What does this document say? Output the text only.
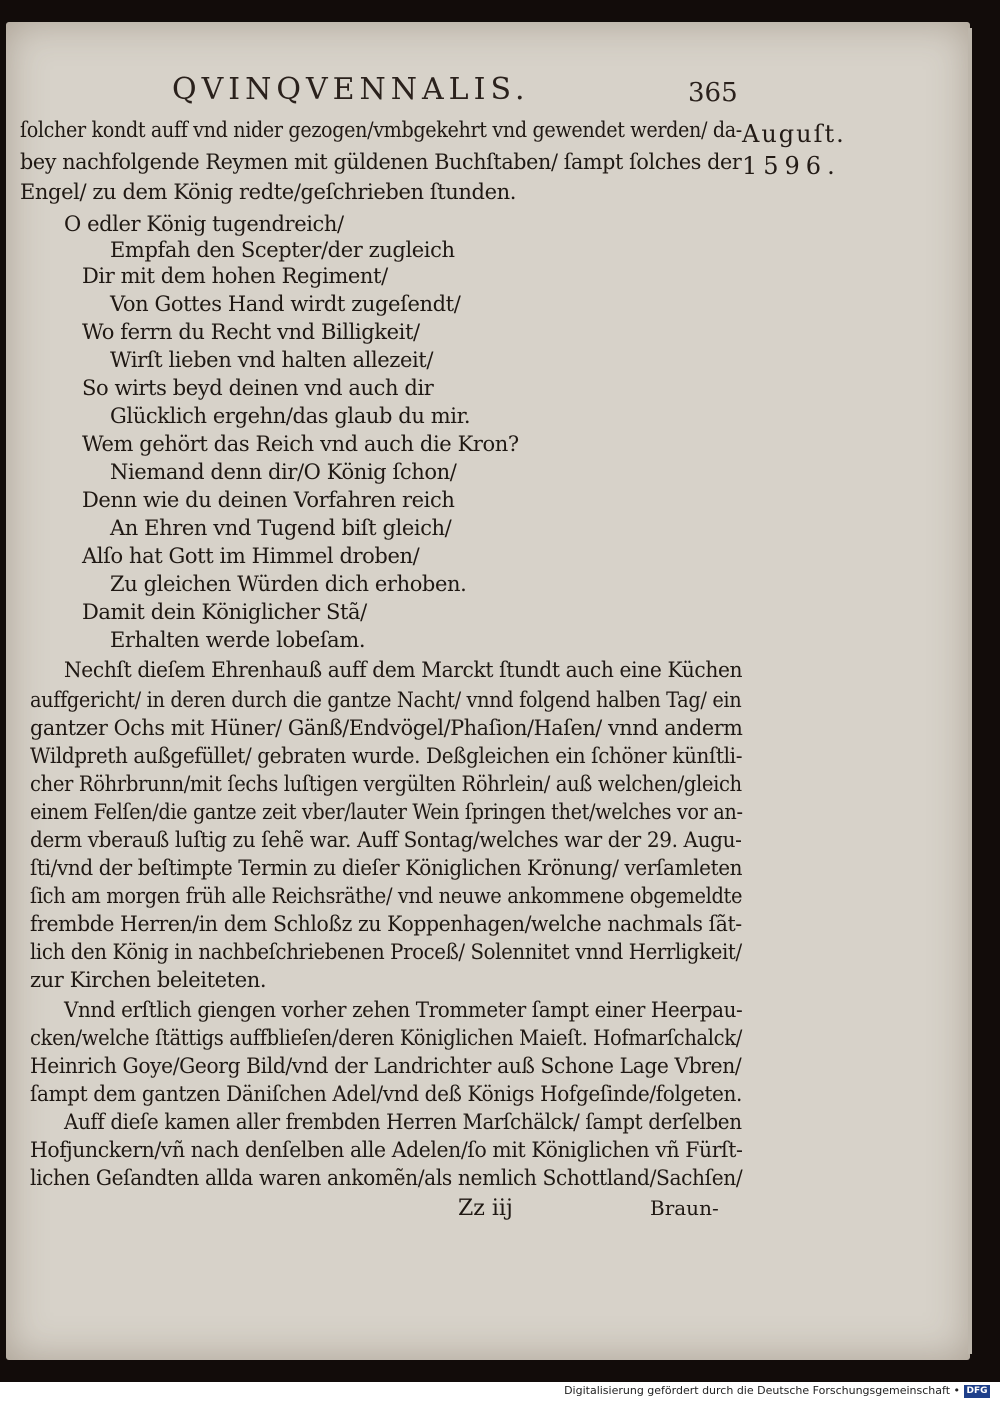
QVINQVENNALIS.	365
Auguſt.
1596.
ſolcher kondt auff vnd nider gezogen/vmbgekehrt vnd gewendet werden/ da-
bey nachfolgende Reymen mit güldenen Buchſtaben/ ſampt ſolches der
Engel/ zu dem König redte/geſchrieben ſtunden.
O edler König tugendreich/
Empfah den Scepter/der zugleich
Dir mit dem hohen Regiment/
Von Gottes Hand wirdt zugeſendt/
Wo ferrn du Recht vnd Billigkeit/
Wirſt lieben vnd halten allezeit/
So wirts beyd deinen vnd auch dir
Glücklich ergehn/das glaub du mir.
Wem gehört das Reich vnd auch die Kron?
Niemand denn dir/O König ſchon/
Denn wie du deinen Vorfahren reich
An Ehren vnd Tugend biſt gleich/
Alſo hat Gott im Himmel droben/
Zu gleichen Würden dich erhoben.
Damit dein Königlicher Stã/
Erhalten werde lobeſam.
Nechſt dieſem Ehrenhauß auff dem Marckt ſtundt auch eine Küchen
auffgericht/ in deren durch die gantze Nacht/ vnnd folgend halben Tag/ ein
gantzer Ochs mit Hüner/ Gänß/Endvögel/Phaſion/Haſen/ vnnd anderm
Wildpreth außgefüllet/ gebraten wurde. Deßgleichen ein ſchöner künſtli-
cher Röhrbrunn/mit ſechs luſtigen vergülten Röhrlein/ auß welchen/gleich
einem Felſen/die gantze zeit vber/lauter Wein ſpringen thet/welches vor an-
derm vberauß luſtig zu ſehẽ war. Auff Sontag/welches war der 29. Augu-
ſti/vnd der beſtimpte Termin zu dieſer Königlichen Krönung/ verſamleten
ſich am morgen früh alle Reichsräthe/ vnd neuwe ankommene obgemeldte
frembde Herren/in dem Schloßz zu Koppenhagen/welche nachmals ſãt-
lich den König in nachbeſchriebenen Proceß/ Solennitet vnnd Herrligkeit/
zur Kirchen beleiteten.
Vnnd erſtlich giengen vorher zehen Trommeter ſampt einer Heerpau-
cken/welche ſtättigs auffblieſen/deren Königlichen Maieſt. Hofmarſchalck/
Heinrich Goye/Georg Bild/vnd der Landrichter auß Schone Lage Vbren/
ſampt dem gantzen Däniſchen Adel/vnd deß Königs Hofgeſinde/folgeten.
Auff dieſe kamen aller frembden Herren Marſchälck/ ſampt derſelben
Hofjunckern/vñ nach denſelben alle Adelen/ſo mit Königlichen vñ Fürſt-
lichen Geſandten allda waren ankomẽn/als nemlich Schottland/Sachſen/
Zz iij	Braun-
Digitalisierung gefördert durch die Deutsche Forschungsgemeinschaft • DFG
